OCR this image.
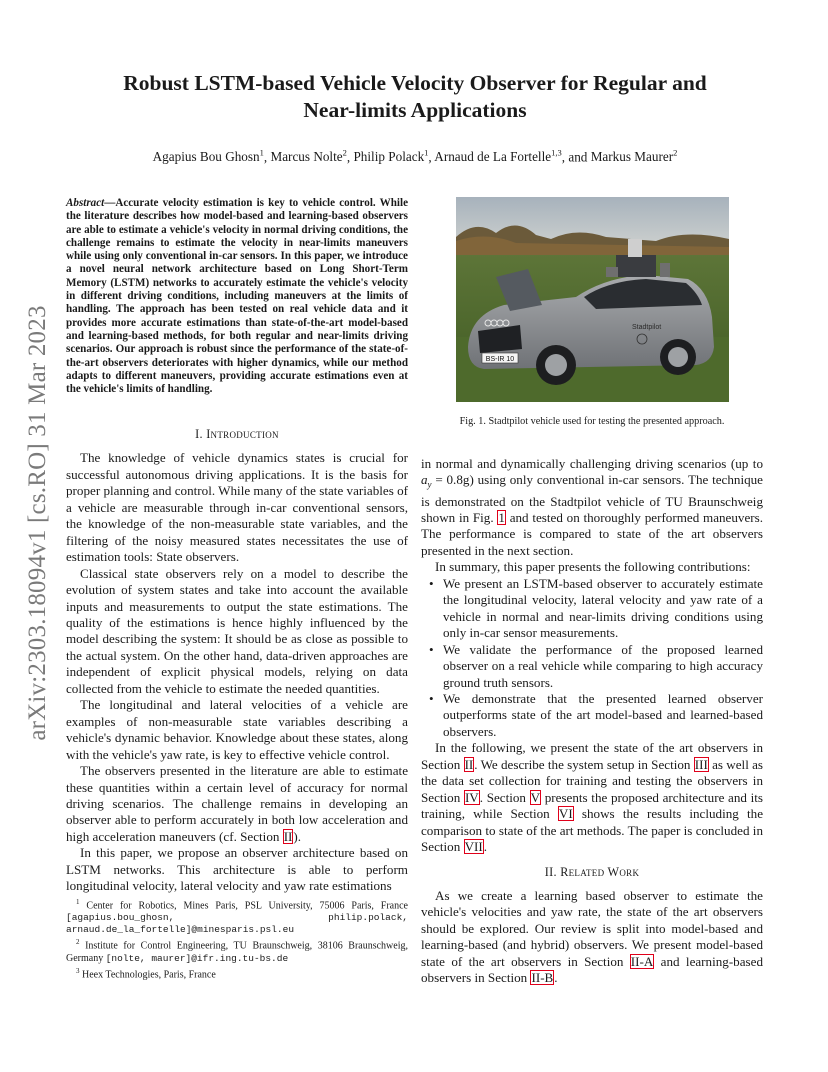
arXiv:2303.18094v1 [cs.RO] 31 Mar 2023
Robust LSTM-based Vehicle Velocity Observer for Regular and
Near-limits Applications
Agapius Bou Ghosn$^1$, Marcus Nolte$^2$, Philip Polack$^1$, Arnaud de La Fortelle$^{1,3}$, and Markus Maurer$^2$
Abstract—Accurate velocity estimation is key to vehicle control. While the literature describes how model-based and learning-based observers are able to estimate a vehicle's velocity in normal driving conditions, the challenge remains to estimate the velocity in near-limits maneuvers while using only conventional in-car sensors. In this paper, we introduce a novel neural network architecture based on Long Short-Term Memory (LSTM) networks to accurately estimate the vehicle's velocity in different driving conditions, including maneuvers at the limits of handling. The approach has been tested on real vehicle data and it provides more accurate estimations than state-of-the-art model-based and learning-based methods, for both regular and near-limits driving scenarios. Our approach is robust since the performance of the state-of-the-art observers deteriorates with higher dynamics, while our method adapts to different maneuvers, providing accurate estimations even at the vehicle's limits of handling.
I. Introduction

The knowledge of vehicle dynamics states is crucial for successful autonomous driving applications. It is the basis for proper planning and control. While many of the state variables of a vehicle are measurable through in-car conventional sensors, the knowledge of the non-measurable state variables, and the filtering of the noisy measured states necessitates the use of estimation tools: State observers.

Classical state observers rely on a model to describe the evolution of system states and take into account the available inputs and measurements to output the state estimations. The quality of the estimations is hence highly influenced by the model describing the system: It should be as close as possible to the actual system. On the other hand, data-driven approaches are independent of explicit physical models, relying on data collected from the vehicle to estimate the needed quantities.

The longitudinal and lateral velocities of a vehicle are examples of non-measurable state variables describing a vehicle's dynamic behavior. Knowledge about these states, along with the vehicle's yaw rate, is key to effective vehicle control.

The observers presented in the literature are able to estimate these quantities within a certain level of accuracy for normal driving scenarios. The challenge remains in developing an observer able to perform accurately in both low acceleration and high acceleration maneuvers (cf. Section II).

In this paper, we propose an observer architecture based on LSTM networks. This architecture is able to perform longitudinal velocity, lateral velocity and yaw rate estimations

$^1$ Center for Robotics, Mines Paris, PSL University, 75006 Paris, France [agapius.bou_ghosn, philip.polack, arnaud.de_la_fortelle]@minesparis.psl.eu
$^2$ Institute for Control Engineering, TU Braunschweig, 38106 Braunschweig, Germany [nolte, maurer]@ifr.ing.tu-bs.de
$^3$ Heex Technologies, Paris, France
BS-IR 10
Stadtpilot
Fig. 1. Stadtpilot vehicle used for testing the presented approach.

in normal and dynamically challenging driving scenarios (up to $a_y = 0.8g$) using only conventional in-car sensors. The technique is demonstrated on the Stadtpilot vehicle of TU Braunschweig shown in Fig. 1 and tested on thoroughly performed maneuvers. The performance is compared to state of the art observers presented in the next section.

In summary, this paper presents the following contributions:

• We present an LSTM-based observer to accurately estimate the longitudinal velocity, lateral velocity and yaw rate of a vehicle in normal and near-limits driving conditions using only in-car sensor measurements.
• We validate the performance of the proposed learned observer on a real vehicle while comparing to high accuracy ground truth sensors.
• We demonstrate that the presented learned observer outperforms state of the art model-based and learned-based observers.

In the following, we present the state of the art observers in Section II. We describe the system setup in Section III as well as the data set collection for training and testing the observers in Section IV. Section V presents the proposed architecture and its training, while Section VI shows the results including the comparison to state of the art methods. The paper is concluded in Section VII.

II. Related Work

As we create a learning based observer to estimate the vehicle's velocities and yaw rate, the state of the art observers should be explored. Our review is split into model-based and learning-based (and hybrid) observers. We present model-based state of the art observers in Section II-A and learning-based observers in Section II-B.
